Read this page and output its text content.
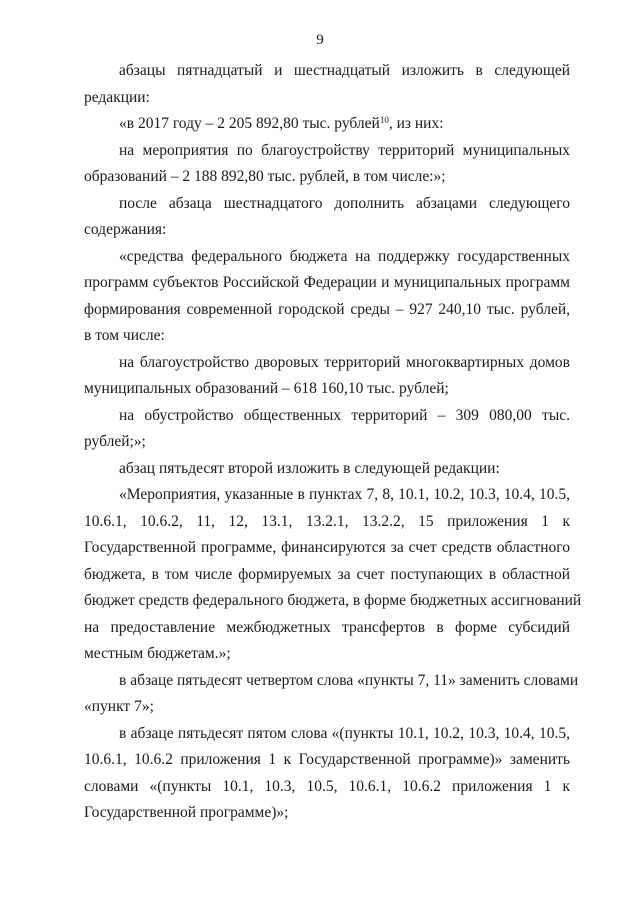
9

абзацы пятнадцатый и шестнадцатый изложить в следующей

редакции:

«в 2017 году – 2 205 892,80 тыс. рублей$^{10}$, из них:

на мероприятия по благоустройству территорий муниципальных

образований – 2 188 892,80 тыс. рублей, в том числе:»;

после абзаца шестнадцатого дополнить абзацами следующего

содержания:

«средства федерального бюджета на поддержку государственных

программ субъектов Российской Федерации и муниципальных программ

формирования современной городской среды – 927 240,10 тыс. рублей,

в том числе:

на благоустройство дворовых территорий многоквартирных домов

муниципальных образований – 618 160,10 тыс. рублей;

на обустройство общественных территорий – 309 080,00 тыс.

рублей;»;

абзац пятьдесят второй изложить в следующей редакции:

«Мероприятия, указанные в пунктах 7, 8, 10.1, 10.2, 10.3, 10.4, 10.5,

10.6.1, 10.6.2, 11, 12, 13.1, 13.2.1, 13.2.2, 15 приложения 1 к

Государственной программе, финансируются за счет средств областного

бюджета, в том числе формируемых за счет поступающих в областной

бюджет средств федерального бюджета, в форме бюджетных ассигнований

на предоставление межбюджетных трансфертов в форме субсидий

местным бюджетам.»;

в абзаце пятьдесят четвертом слова «пункты 7, 11» заменить словами

«пункт 7»;

в абзаце пятьдесят пятом слова «(пункты 10.1, 10.2, 10.3, 10.4, 10.5,

10.6.1, 10.6.2 приложения 1 к Государственной программе)» заменить

словами «(пункты 10.1, 10.3, 10.5, 10.6.1, 10.6.2 приложения 1 к

Государственной программе)»;
